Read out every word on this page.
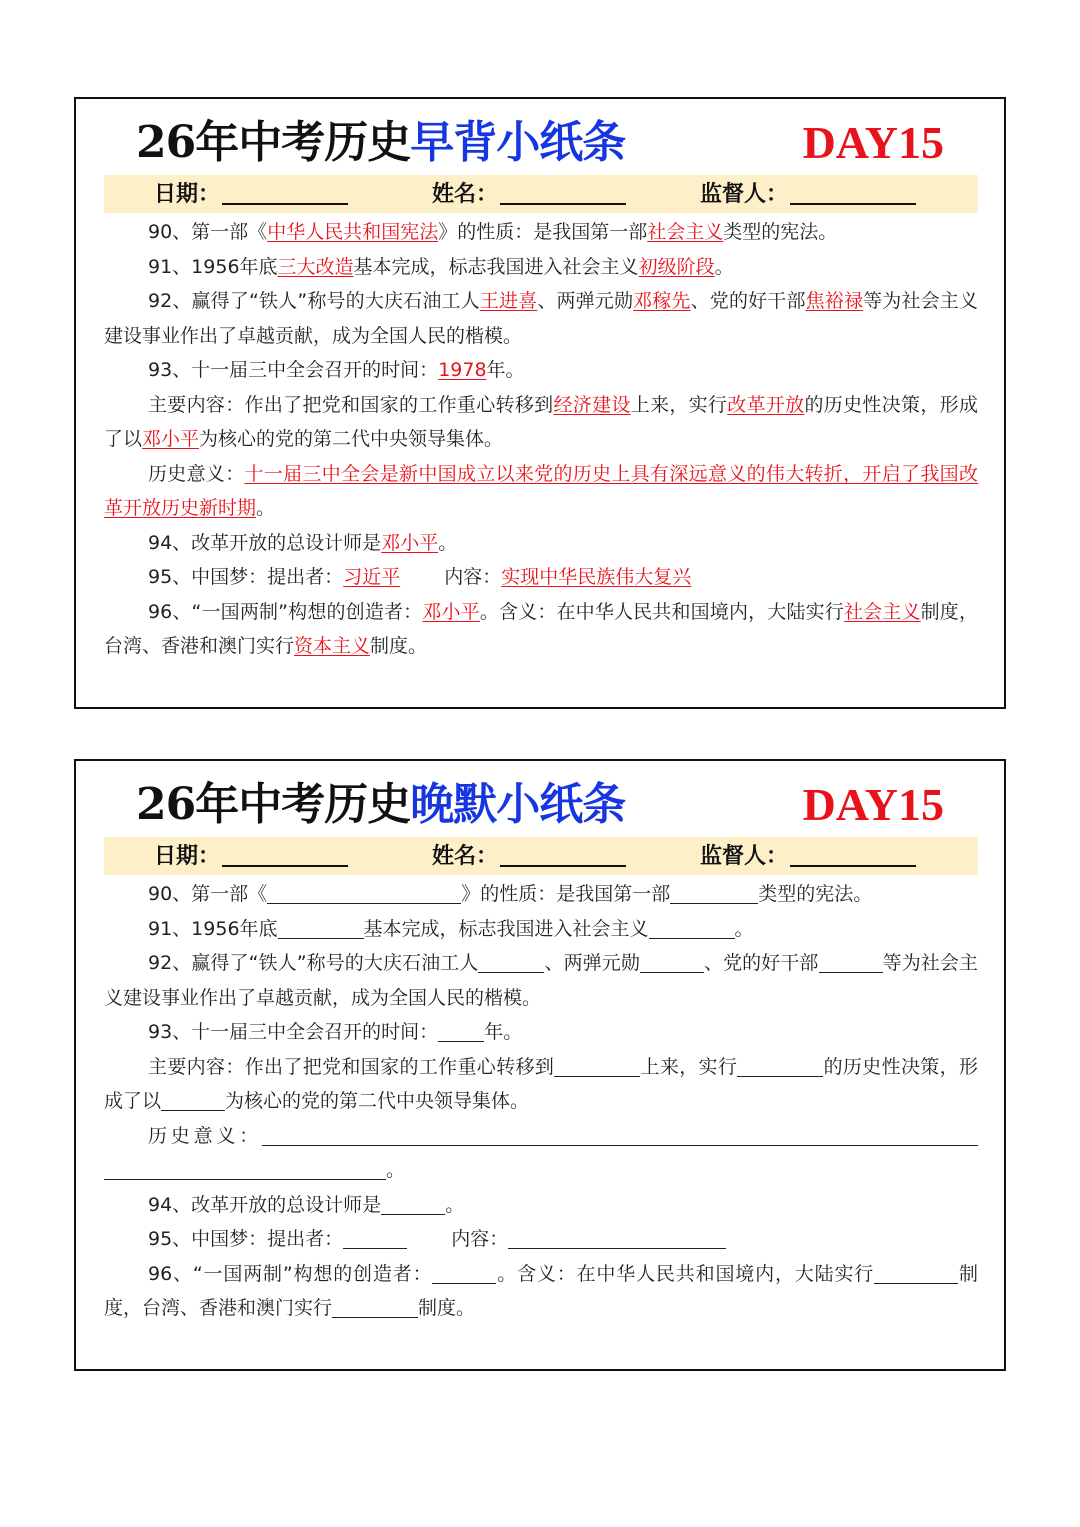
26年中考历史早背小纸条	DAY15
日期：	姓名：	监督人：

90、第一部《中华人民共和国宪法》的性质：是我国第一部社会主义类型的宪法。

91、1956年底三大改造基本完成，标志我国进入社会主义初级阶段。

92、赢得了“铁人”称号的大庆石油工人王进喜、两弹元勋邓稼先、党的好干部焦裕禄等为社会主义建设事业作出了卓越贡献，成为全国人民的楷模。

93、十一届三中全会召开的时间：1978年。

主要内容：作出了把党和国家的工作重心转移到经济建设上来，实行改革开放的历史性决策，形成了以邓小平为核心的党的第二代中央领导集体。

历史意义：十一届三中全会是新中国成立以来党的历史上具有深远意义的伟大转折，开启了我国改革开放历史新时期。

94、改革开放的总设计师是邓小平。

95、中国梦：提出者：习近平 内容：实现中华民族伟大复兴

96、“一国两制”构想的创造者：邓小平。含义：在中华人民共和国境内，大陆实行社会主义制度，台湾、香港和澳门实行资本主义制度。

26年中考历史晚默小纸条	DAY15
日期：	姓名：	监督人：

90、第一部《	》的性质：是我国第一部	类型的宪法。

91、1956年底	基本完成，标志我国进入社会主义	。

92、赢得了“铁人”称号的大庆石油工人	、两弹元勋	、党的好干部	等为社会主义建设事业作出了卓越贡献，成为全国人民的楷模。

93、十一届三中全会召开的时间： 年。

主要内容：作出了把党和国家的工作重心转移到	上来，实行	的历史性决策，形成了以	为核心的党的第二代中央领导集体。

历史意义：。

94、改革开放的总设计师是	。

95、中国梦：提出者：	内容：

96、“一国两制”构想的创造者：	。含义：在中华人民共和国境内，大陆实行	制度，台湾、香港和澳门实行	制度。
